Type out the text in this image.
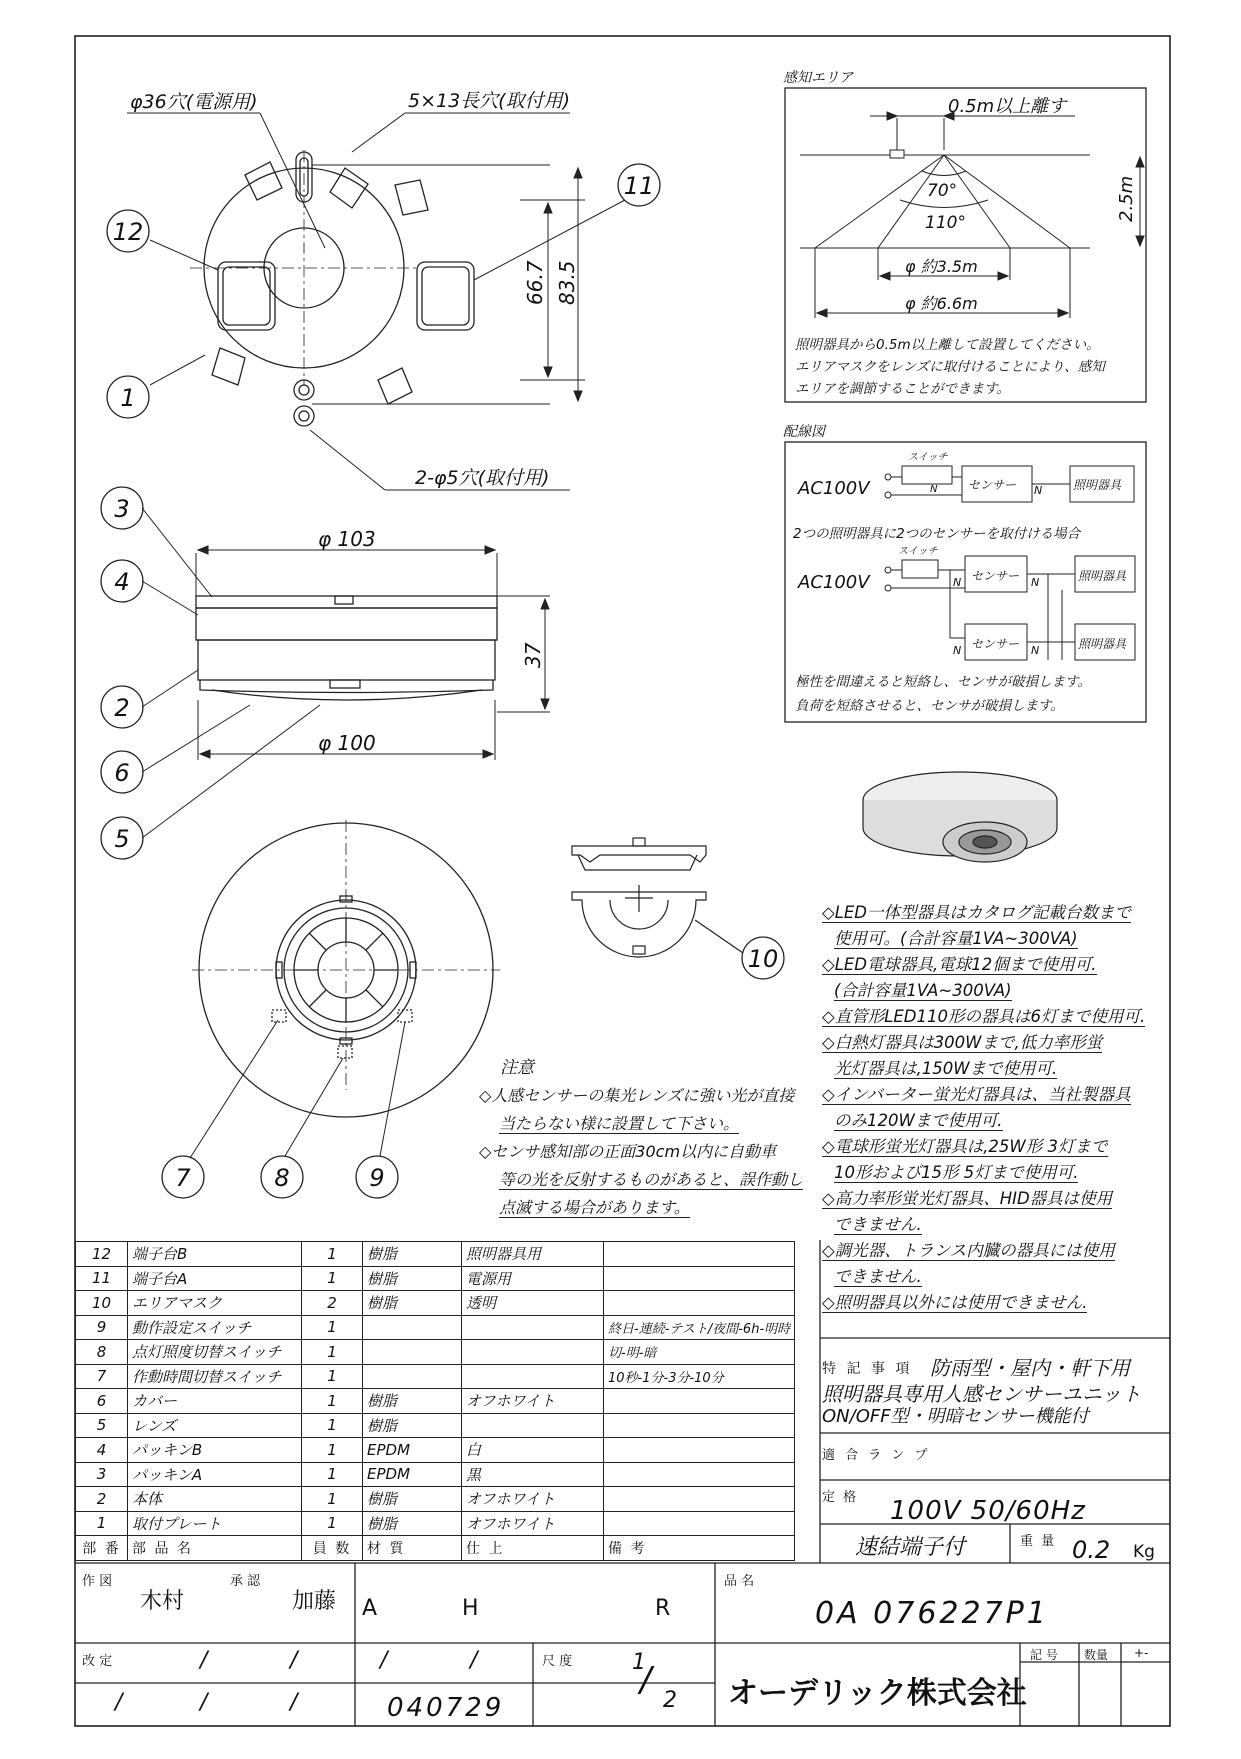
66.7 83.5
φ36穴(電源用)	5×13長穴(取付用)
2-φ5穴(取付用)
12
1
11
3
4
2
6
5
7	8	9
10
φ 103
37
φ 100
感知エリア
0.5m以上離す
2.5m
70°
110°
φ 約3.5m
φ 約6.6m
照明器具から0.5m以上離して設置してください。
エリアマスクをレンズに取付けることにより、感知
エリアを調節することができます。
配線図
AC100V
スイッチ
N	N
センサー	照明器具
2つの照明器具に2つのセンサーを取付ける場合
AC100V
スイッチ
N
N
N
N
センサー
センサー
照明器具
照明器具
極性を間違えると短絡し、センサが破損します。
負荷を短絡させると、センサが破損します。
特 記 事 項 防雨型・屋内・軒下用
照明器具専用人感センサーユニット
ON/OFF型・明暗センサー機能付
適 合 ラ ン プ
定 格 100V 50/60Hz
速結端子付	重 量 0.2 Kg
作 図
木村
承 認
加藤 A	H	R
品 名
0A 076227P1
改 定	/	/	/	/
/	/	/	040729
尺 度	1
/
2 オーデリック株式会社
記 号 数量 +-
注意
◇人感センサーの集光レンズに強い光が直接
当たらない様に設置して下さい。
◇センサ感知部の正面30cm以内に自動車
等の光を反射するものがあると、誤作動し
点滅する場合があります。
◇LED一体型器具はカタログ記載台数まで
使用可。(合計容量1VA~300VA)
◇LED電球器具,電球12個まで使用可.
(合計容量1VA~300VA)
◇直管形LED110形の器具は6灯まで使用可.
◇白熱灯器具は300Wまで,低力率形蛍
光灯器具は,150Wまで使用可.
◇インバーター蛍光灯器具は、当社製器具
のみ120Wまで使用可.
◇電球形蛍光灯器具は,25W形 3灯まで
10形および15形 5灯まで使用可.
◇高力率形蛍光灯器具、HID器具は使用
できません.
◇調光器、トランス内臓の器具には使用
できません.
◇照明器具以外には使用できません.
12	端子台B	1	樹脂	照明器具用	
11	端子台A	1	樹脂	電源用	
10	エリアマスク	2	樹脂	透明	
9	動作設定スイッチ	1			終日-連続-テスト/夜間-6h-明時
8	点灯照度切替スイッチ	1			切-明-暗
7	作動時間切替スイッチ	1			10秒-1分-3分-10分
6	カバー	1	樹脂	オフホワイト	
5	レンズ	1	樹脂		
4	パッキンB	1	EPDM	白	
3	パッキンA	1	EPDM	黒	
2	本体	1	樹脂	オフホワイト	
1	取付プレート	1	樹脂	オフホワイト	
部 番	部 品 名	員 数	材 質	仕 上	備 考
